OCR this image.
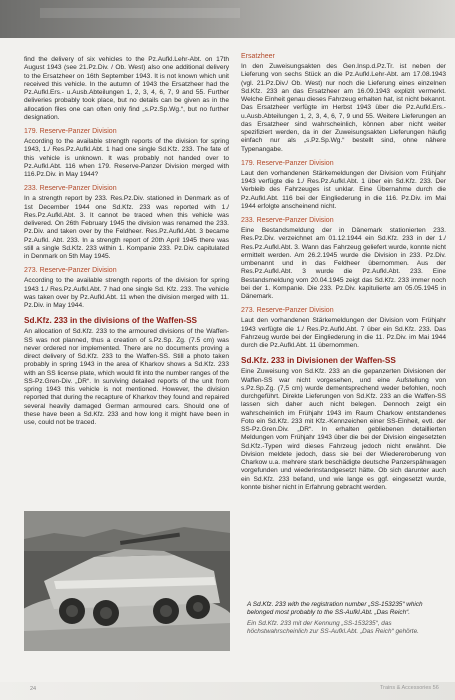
find the delivery of six vehicles to the Pz.Aufkl.Lehr-Abt. on 17th August 1943 (see 21.Pz.Div. / Ob. West) also one additional delivery to the Ersatzheer on 16th September 1943. It is not known which unit received this vehicle. In the autumn of 1943 the Ersatzheer had the Pz.Aufkl.Ers.- u.Ausb.Abteilungen 1, 2, 3, 4, 6, 7, 9 and 55. Further deliveries probably took place, but no details can be given as in the allocation files one can often only find „s.Pz.Sp.Wg.“, but no further designation.

179. Reserve-Panzer Division

According to the available strength reports of the division for spring 1943, 1./ Res.Pz.Aufkl.Abt. 1 had one single Sd.Kfz. 233. The fate of this vehicle is unknown. It was probably not handed over to Pz.Aufkl.Abt. 116 when 179. Reserve-Panzer Division merged with 116.Pz.Div. in May 1944?

233. Reserve-Panzer Division

In a strength report by 233. Res.Pz.Div. stationed in Denmark as of 1st December 1944 one Sd.Kfz. 233 was reported with 1./ Res.Pz.Aufkl.Abt. 3. It cannot be traced when this vehicle was delivered. On 26th February 1945 the division was renamed the 233. Pz.Div. and taken over by the Feldheer. Res.Pz.Aufkl.Abt. 3 became Pz.Aufkl. Abt. 233. In a strength report of 20th April 1945 there was still a single Sd.Kfz. 233 within 1. Kompanie 233. Pz.Div. capitulated in Denmark on 5th May 1945.

273. Reserve-Panzer Division

According to the available strength reports of the division for spring 1943 1./ Res.Pz.Aufkl.Abt. 7 had one single Sd. Kfz. 233. The vehicle was taken over by Pz.Aufkl.Abt. 11 when the division merged with 11. Pz.Div. in May 1944.

Sd.Kfz. 233 in the divisions of the Waffen-SS

An allocation of Sd.Kfz. 233 to the armoured divisions of the Waffen-SS was not planned, thus a creation of s.Pz.Sp. Zg. (7.5 cm) was never ordered nor implemented. There are no documents proving a direct delivery of Sd.Kfz. 233 to the Waffen-SS. Still a photo taken probably in spring 1943 in the area of Kharkov shows a Sd.Kfz. 233 with an SS license plate, which would fit into the number ranges of the SS-Pz.Gren-Div. „DR“. In surviving detailed reports of the unit from spring 1943 this vehicle is not mentioned. However, the division reported that during the recapture of Kharkov they found and repaired several heavily damaged German armoured cars. Should one of these have been a Sd.Kfz. 233 and how long it might have been in use, could not be traced.

Ersatzheer

In den Zuweisungsakten des Gen.Insp.d.Pz.Tr. ist neben der Lieferung von sechs Stück an die Pz.Aufkl.Lehr-Abt. am 17.08.1943 (vgl. 21.Pz.Div./ Ob. West) nur noch die Lieferung eines einzelnen Sd.Kfz. 233 an das Ersatzheer am 16.09.1943 explizit vermerkt. Welche Einheit genau dieses Fahrzeug erhalten hat, ist nicht bekannt. Das Ersatzheer verfügte im Herbst 1943 über die Pz.Aufkl.Ers.- u.Ausb.Abteilungen 1, 2, 3, 4, 6, 7, 9 und 55. Weitere Lieferungen an das Ersatzheer sind wahrscheinlich, können aber nicht weiter spezifiziert werden, da in der Zuweisungsakten Lieferungen häufig einfach nur als „s.Pz.Sp.Wg.“ bestellt sind, ohne nähere Typenangabe.

179. Reserve-Panzer Division

Laut den vorhandenen Stärkemeldungen der Division vom Frühjahr 1943 verfügte die 1./ Res.Pz.Aufkl.Abt. 1 über ein Sd.Kfz. 233. Der Verbleib des Fahrzeuges ist unklar. Eine Übernahme durch die Pz.Aufkl.Abt. 116 bei der Eingliederung in die 116. Pz.Div. im Mai 1944 erfolgte anscheinend nicht.

233. Reserve-Panzer Division

Eine Bestandsmeldung der in Dänemark stationierten 233. Res.Pz.Div. verzeichnet am 01.12.1944 ein Sd.Kfz. 233 in der 1./ Res.Pz.Aufkl.Abt. 3. Wann das Fahrzeug geliefert wurde, konnte nicht ermittelt werden. Am 26.2.1945 wurde die Division in 233. Pz.Div. umbenannt und in das Feldheer übernommen. Aus der Res.Pz.Aufkl.Abt. 3 wurde die Pz.Aufkl.Abt. 233. Eine Bestandsmeldung vom 20.04.1945 zeigt das Sd.Kfz. 233 immer noch bei der 1. Kompanie. Die 233. Pz.Div. kapitulierte am 05.05.1945 in Dänemark.

273. Reserve-Panzer Division

Laut den vorhandenen Stärkemeldungen der Division vom Frühjahr 1943 verfügte die 1./ Res.Pz.Aufkl.Abt. 7 über ein Sd.Kfz. 233. Das Fahrzeug wurde bei der Eingliederung in die 11. Pz.Div. im Mai 1944 durch die Pz.Aufkl.Abt. 11 übernommen.

Sd.Kfz. 233 in Divisionen der Waffen-SS

Eine Zuweisung von Sd.Kfz. 233 an die gepanzerten Divisionen der Waffen-SS war nicht vorgesehen, und eine Aufstellung von s.Pz.Sp.Zg. (7,5 cm) wurde dementsprechend weder befohlen, noch durchgeführt. Direkte Lieferungen von Sd.Kfz. 233 an die Waffen-SS lassen sich daher auch nicht belegen. Dennoch zeigt ein wahrscheinlich im Frühjahr 1943 im Raum Charkow entstandenes Foto ein Sd.Kfz. 233 mit Kfz.-Kennzeichen einer SS-Einheit, evtl. der SS-Pz.Gren.Div. „DR“. In erhalten gebliebenen detaillierten Meldungen vom Frühjahr 1943 über die bei der Division eingesetzten Sd.Kfz.-Typen wird dieses Fahrzeug jedoch nicht erwähnt. Die Division meldete jedoch, dass sie bei der Wiedereroberung von Charkow u.a. mehrere stark beschädigte deutsche Panzerspähwagen vorgefunden und wiederinstandgesetzt hätte. Ob sich darunter auch ein Sd.Kfz. 233 befand, und wie lange es ggf. eingesetzt wurde, konnte bisher nicht in Erfahrung gebracht werden.

A Sd.Kfz. 233 with the registration number „SS-153235“ which belonged most probably to the SS-Aufkl.Abt. „Das Reich“.
Ein Sd.Kfz. 233 mit der Kennung „SS-153235“, das höchstwahrscheinlich zur SS-Aufkl.Abt. „Das Reich“ gehörte.
24	Trains & Accessories 56
